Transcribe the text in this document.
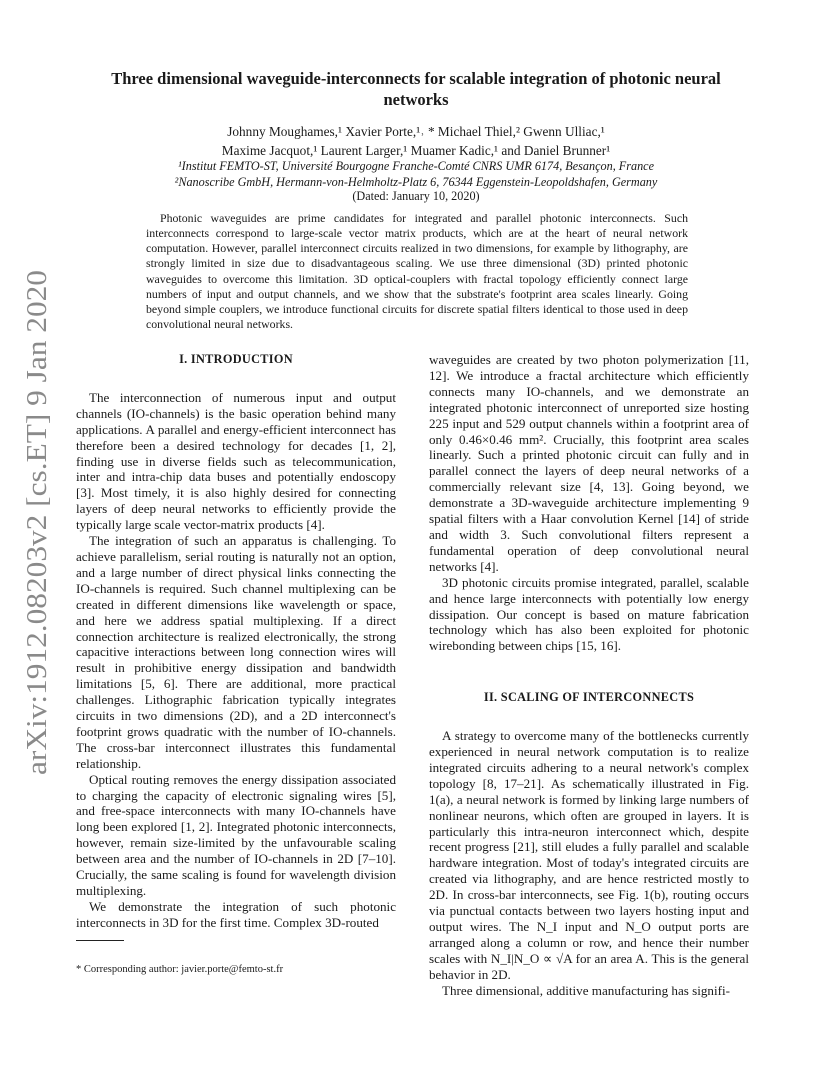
arXiv:1912.08203v2 [cs.ET] 9 Jan 2020
Three dimensional waveguide-interconnects for scalable integration of photonic neural networks
Johnny Moughames,¹ Xavier Porte,¹˒ * Michael Thiel,² Gwenn Ulliac,¹
Maxime Jacquot,¹ Laurent Larger,¹ Muamer Kadic,¹ and Daniel Brunner¹
¹Institut FEMTO-ST, Université Bourgogne Franche-Comté CNRS UMR 6174, Besançon, France
²Nanoscribe GmbH, Hermann-von-Helmholtz-Platz 6, 76344 Eggenstein-Leopoldshafen, Germany
(Dated: January 10, 2020)
Photonic waveguides are prime candidates for integrated and parallel photonic interconnects. Such interconnects correspond to large-scale vector matrix products, which are at the heart of neural network computation. However, parallel interconnect circuits realized in two dimensions, for example by lithography, are strongly limited in size due to disadvantageous scaling. We use three dimensional (3D) printed photonic waveguides to overcome this limitation. 3D optical-couplers with fractal topology efficiently connect large numbers of input and output channels, and we show that the substrate's footprint area scales linearly. Going beyond simple couplers, we introduce functional circuits for discrete spatial filters identical to those used in deep convolutional neural networks.
I. INTRODUCTION

The interconnection of numerous input and output channels (IO-channels) is the basic operation behind many applications. A parallel and energy-efficient interconnect has therefore been a desired technology for decades [1, 2], finding use in diverse fields such as telecommunication, inter and intra-chip data buses and potentially endoscopy [3]. Most timely, it is also highly desired for connecting layers of deep neural networks to efficiently provide the typically large scale vector-matrix products [4].

The integration of such an apparatus is challenging. To achieve parallelism, serial routing is naturally not an option, and a large number of direct physical links connecting the IO-channels is required. Such channel multiplexing can be created in different dimensions like wavelength or space, and here we address spatial multiplexing. If a direct connection architecture is realized electronically, the strong capacitive interactions between long connection wires will result in prohibitive energy dissipation and bandwidth limitations [5, 6]. There are additional, more practical challenges. Lithographic fabrication typically integrates circuits in two dimensions (2D), and a 2D interconnect's footprint grows quadratic with the number of IO-channels. The cross-bar interconnect illustrates this fundamental relationship.

Optical routing removes the energy dissipation associated to charging the capacity of electronic signaling wires [5], and free-space interconnects with many IO-channels have long been explored [1, 2]. Integrated photonic interconnects, however, remain size-limited by the unfavourable scaling between area and the number of IO-channels in 2D [7–10]. Crucially, the same scaling is found for wavelength division multiplexing.

We demonstrate the integration of such photonic interconnects in 3D for the first time. Complex 3D-routed

* Corresponding author: javier.porte@femto-st.fr

waveguides are created by two photon polymerization [11, 12]. We introduce a fractal architecture which efficiently connects many IO-channels, and we demonstrate an integrated photonic interconnect of unreported size hosting 225 input and 529 output channels within a footprint area of only 0.46×0.46 mm². Crucially, this footprint area scales linearly. Such a printed photonic circuit can fully and in parallel connect the layers of deep neural networks of a commercially relevant size [4, 13]. Going beyond, we demonstrate a 3D-waveguide architecture implementing 9 spatial filters with a Haar convolution Kernel [14] of stride and width 3. Such convolutional filters represent a fundamental operation of deep convolutional neural networks [4].

3D photonic circuits promise integrated, parallel, scalable and hence large interconnects with potentially low energy dissipation. Our concept is based on mature fabrication technology which has also been exploited for photonic wirebonding between chips [15, 16].

II. SCALING OF INTERCONNECTS

A strategy to overcome many of the bottlenecks currently experienced in neural network computation is to realize integrated circuits adhering to a neural network's complex topology [8, 17–21]. As schematically illustrated in Fig. 1(a), a neural network is formed by linking large numbers of nonlinear neurons, which often are grouped in layers. It is particularly this intra-neuron interconnect which, despite recent progress [21], still eludes a fully parallel and scalable hardware integration. Most of today's integrated circuits are created via lithography, and are hence restricted mostly to 2D. In cross-bar interconnects, see Fig. 1(b), routing occurs via punctual contacts between two layers hosting input and output wires. The N_I input and N_O output ports are arranged along a column or row, and hence their number scales with N_I|N_O ∝ √A for an area A. This is the general behavior in 2D.

Three dimensional, additive manufacturing has signifi-
